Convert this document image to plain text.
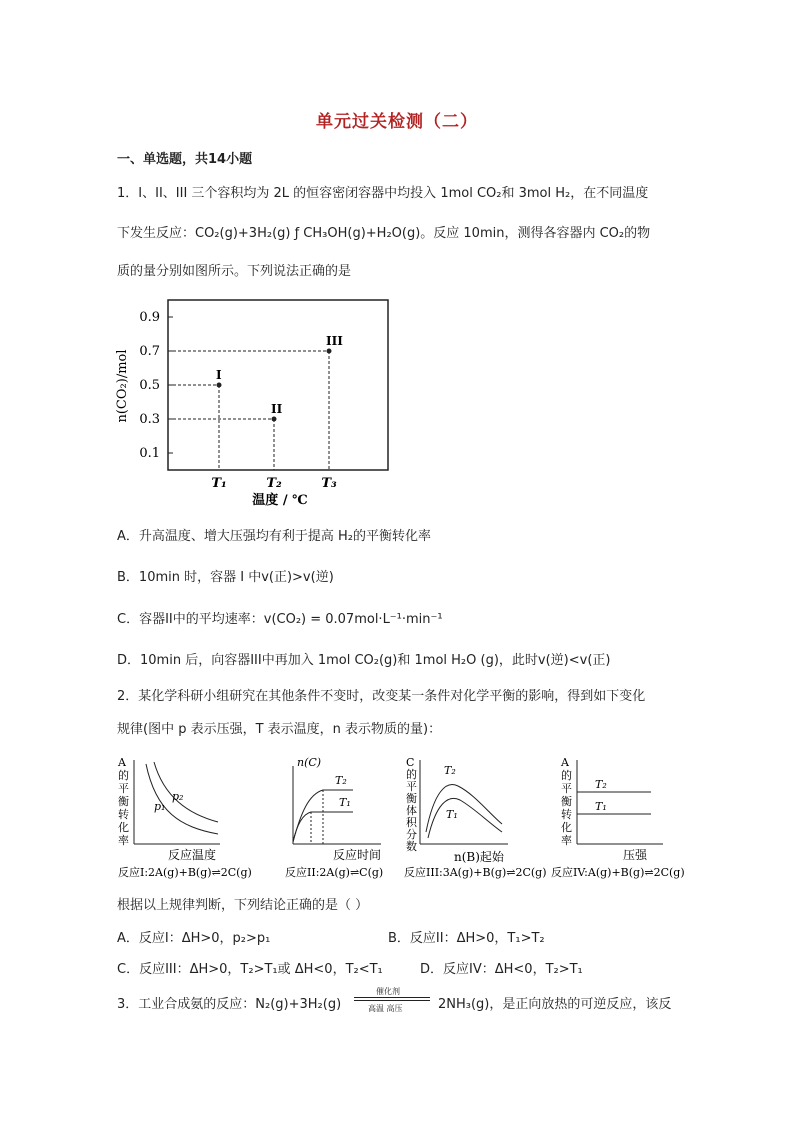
单元过关检测（二）
一、单选题，共14小题
1．I、II、III 三个容积均为 2L 的恒容密闭容器中均投入 1mol CO₂和 3mol H₂，在不同温度
下发生反应：CO₂(g)+3H₂(g) ƒ CH₃OH(g)+H₂O(g)。反应 10min，测得各容器内 CO₂的物
质的量分别如图所示。下列说法正确的是
n(CO₂)/mol
温度 / ℃
0.9
0.7
0.5
0.3
0.1
T₁	T₂	T₃
I
II
III
A．升高温度、增大压强均有利于提高 H₂的平衡转化率
B．10min 时，容器 I 中v(正)>v(逆)
C．容器II中的平均速率：v(CO₂) = 0.07mol·L⁻¹·min⁻¹
D．10min 后，向容器III中再加入 1mol CO₂(g)和 1mol H₂O (g)，此时v(逆)<v(正)
2．某化学科研小组研究在其他条件不变时，改变某一条件对化学平衡的影响，得到如下变化
规律(图中 p 表示压强，T 表示温度，n 表示物质的量)：
A 的平衡转化率
p₂
p₁
反应温度
反应I:2A(g)+B(g)⇌2C(g)
n(C)
T₂
T₁
反应时间
反应II:2A(g)⇌C(g)
C 的平衡体积分数
T₂
T₁
n(B)起始
反应III:3A(g)+B(g)⇌2C(g)
A 的平衡转化率
T₂
T₁
压强
反应IV:A(g)+B(g)⇌2C(g)
根据以上规律判断，下列结论正确的是（ ）
A．反应I：ΔH>0，p₂>p₁	B．反应II：ΔH>0，T₁>T₂
C．反应III：ΔH>0，T₂>T₁或 ΔH<0，T₂<T₁	D．反应IV：ΔH<0，T₂>T₁
3．工业合成氨的反应：N₂(g)+3H₂(g)
催化剂
高温 高压	2NH₃(g)，是正向放热的可逆反应，该反
